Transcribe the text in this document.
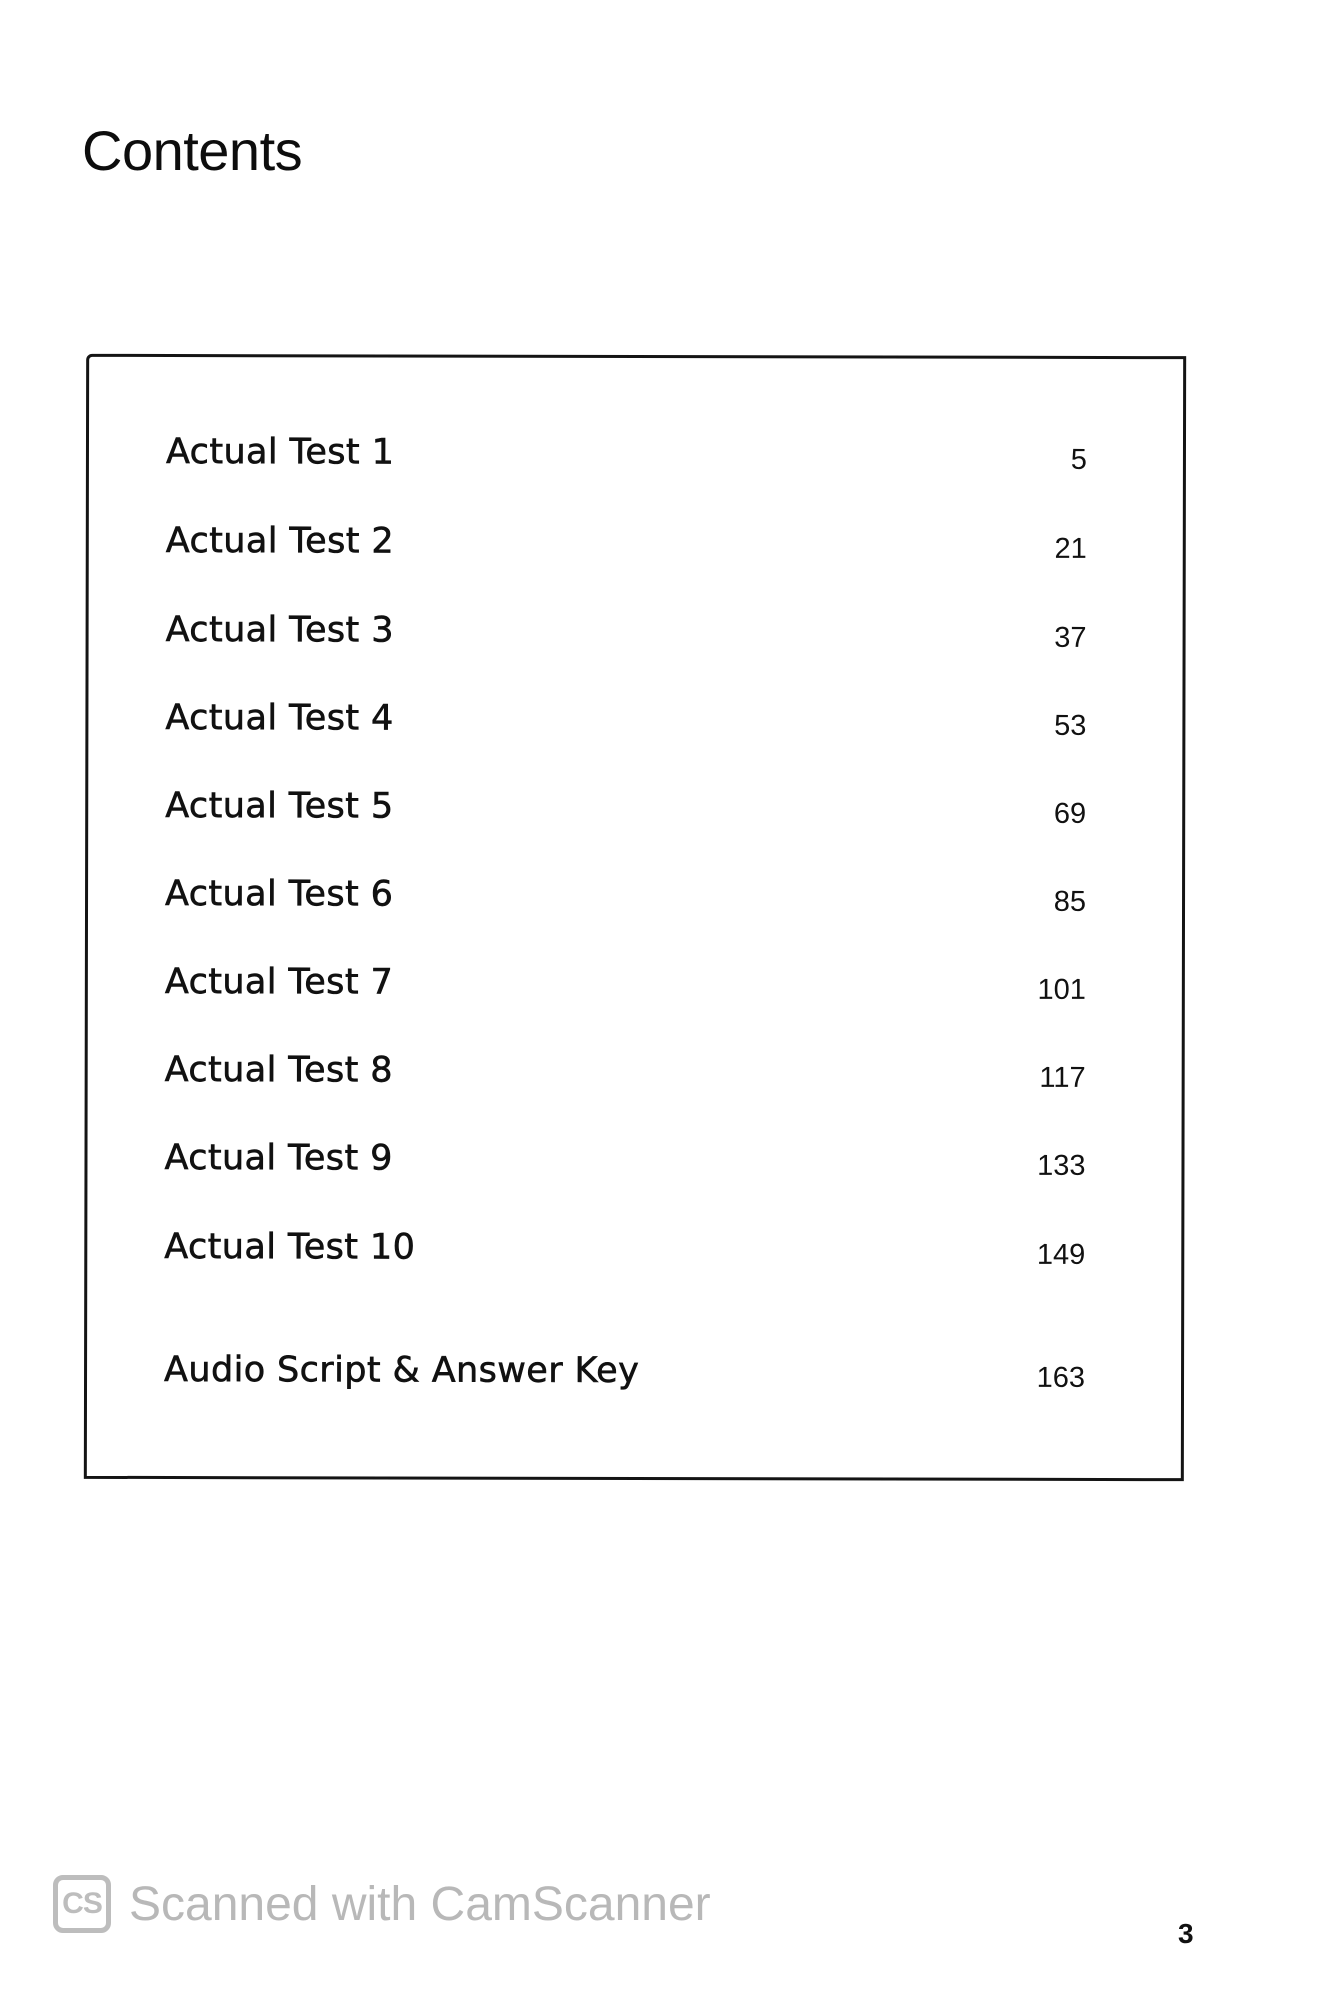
Contents
Actual Test 1	5
Actual Test 2	21
Actual Test 3	37
Actual Test 4	53
Actual Test 5	69
Actual Test 6	85
Actual Test 7	101
Actual Test 8	117
Actual Test 9	133
Actual Test 10	149
Audio Script & Answer Key	163
CS Scanned with CamScanner
3
